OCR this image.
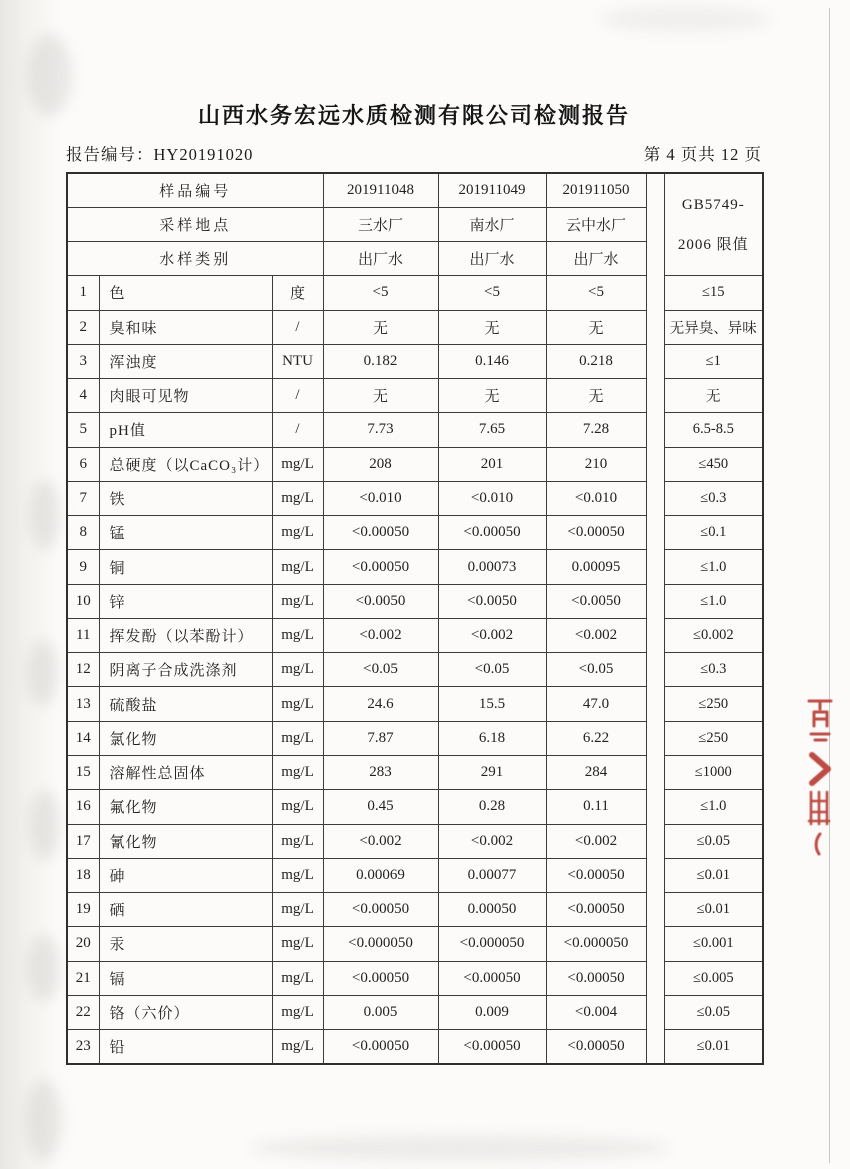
山西水务宏远水质检测有限公司检测报告
报告编号：HY20191020	第 4 页共 12 页
样品编号			201911048	201911049	201911050		GB5749-
2006 限值

采样地点			三水厂	南水厂	云中水厂		
水样类别			出厂水	出厂水	出厂水		
1	色	度	<5	<5	<5		≤15
2	臭和味	/	无	无	无		无异臭、异味
3	浑浊度	NTU	0.182	0.146	0.218		≤1
4	肉眼可见物	/	无	无	无		无
5	pH值	/	7.73	7.65	7.28		6.5-8.5
6	总硬度（以CaCO₃计）	mg/L	208	201	210		≤450
7	铁	mg/L	<0.010	<0.010	<0.010		≤0.3
8	锰	mg/L	<0.00050	<0.00050	<0.00050		≤0.1
9	铜	mg/L	<0.00050	0.00073	0.00095		≤1.0
10	锌	mg/L	<0.0050	<0.0050	<0.0050		≤1.0
11	挥发酚（以苯酚计）	mg/L	<0.002	<0.002	<0.002		≤0.002
12	阴离子合成洗涤剂	mg/L	<0.05	<0.05	<0.05		≤0.3
13	硫酸盐	mg/L	24.6	15.5	47.0		≤250
14	氯化物	mg/L	7.87	6.18	6.22		≤250
15	溶解性总固体	mg/L	283	291	284		≤1000
16	氟化物	mg/L	0.45	0.28	0.11		≤1.0
17	氰化物	mg/L	<0.002	<0.002	<0.002		≤0.05
18	砷	mg/L	0.00069	0.00077	<0.00050		≤0.01
19	硒	mg/L	<0.00050	0.00050	<0.00050		≤0.01
20	汞	mg/L	<0.000050	<0.000050	<0.000050		≤0.001
21	镉	mg/L	<0.00050	<0.00050	<0.00050		≤0.005
22	铬（六价）	mg/L	0.005	0.009	<0.004		≤0.05
23	铅	mg/L	<0.00050	<0.00050	<0.00050		≤0.01
